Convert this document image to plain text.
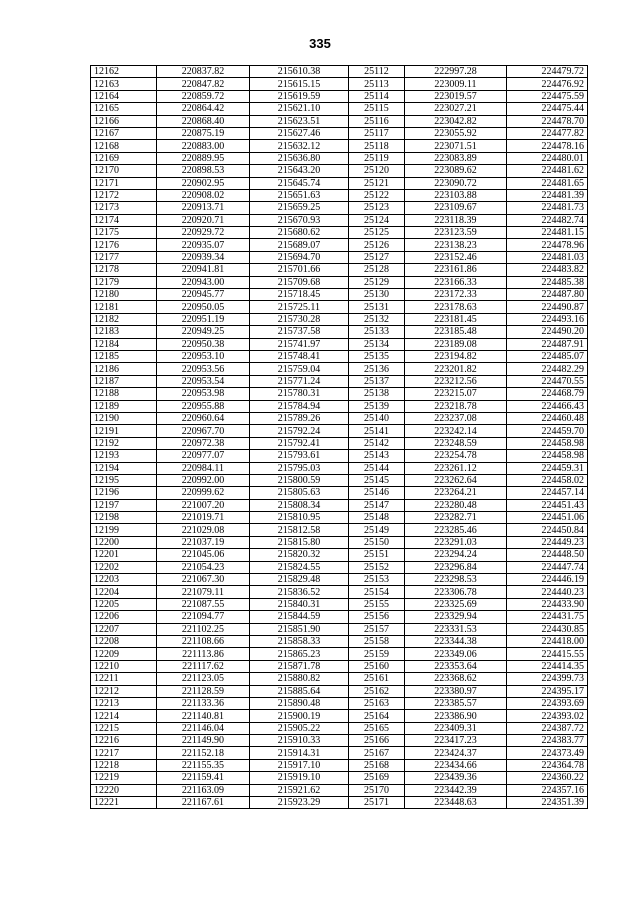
335
12162	220837.82	215610.38	25112	222997.28	224479.72
12163	220847.82	215615.15	25113	223009.11	224476.92
12164	220859.72	215619.59	25114	223019.57	224475.59
12165	220864.42	215621.10	25115	223027.21	224475.44
12166	220868.40	215623.51	25116	223042.82	224478.70
12167	220875.19	215627.46	25117	223055.92	224477.82
12168	220883.00	215632.12	25118	223071.51	224478.16
12169	220889.95	215636.80	25119	223083.89	224480.01
12170	220898.53	215643.20	25120	223089.62	224481.62
12171	220902.95	215645.74	25121	223090.72	224481.65
12172	220908.02	215651.63	25122	223103.88	224481.39
12173	220913.71	215659.25	25123	223109.67	224481.73
12174	220920.71	215670.93	25124	223118.39	224482.74
12175	220929.72	215680.62	25125	223123.59	224481.15
12176	220935.07	215689.07	25126	223138.23	224478.96
12177	220939.34	215694.70	25127	223152.46	224481.03
12178	220941.81	215701.66	25128	223161.86	224483.82
12179	220943.00	215709.68	25129	223166.33	224485.38
12180	220945.77	215718.45	25130	223172.33	224487.80
12181	220950.05	215725.11	25131	223178.63	224490.87
12182	220951.19	215730.28	25132	223181.45	224493.16
12183	220949.25	215737.58	25133	223185.48	224490.20
12184	220950.38	215741.97	25134	223189.08	224487.91
12185	220953.10	215748.41	25135	223194.82	224485.07
12186	220953.56	215759.04	25136	223201.82	224482.29
12187	220953.54	215771.24	25137	223212.56	224470.55
12188	220953.98	215780.31	25138	223215.07	224468.79
12189	220955.88	215784.94	25139	223218.78	224466.43
12190	220960.64	215789.26	25140	223237.08	224460.48
12191	220967.70	215792.24	25141	223242.14	224459.70
12192	220972.38	215792.41	25142	223248.59	224458.98
12193	220977.07	215793.61	25143	223254.78	224458.98
12194	220984.11	215795.03	25144	223261.12	224459.31
12195	220992.00	215800.59	25145	223262.64	224458.02
12196	220999.62	215805.63	25146	223264.21	224457.14
12197	221007.20	215808.34	25147	223280.48	224451.43
12198	221019.71	215810.95	25148	223282.71	224451.06
12199	221029.08	215812.58	25149	223285.46	224450.84
12200	221037.19	215815.80	25150	223291.03	224449.23
12201	221045.06	215820.32	25151	223294.24	224448.50
12202	221054.23	215824.55	25152	223296.84	224447.74
12203	221067.30	215829.48	25153	223298.53	224446.19
12204	221079.11	215836.52	25154	223306.78	224440.23
12205	221087.55	215840.31	25155	223325.69	224433.90
12206	221094.77	215844.59	25156	223329.94	224431.75
12207	221102.25	215851.90	25157	223331.53	224430.85
12208	221108.66	215858.33	25158	223344.38	224418.00
12209	221113.86	215865.23	25159	223349.06	224415.55
12210	221117.62	215871.78	25160	223353.64	224414.35
12211	221123.05	215880.82	25161	223368.62	224399.73
12212	221128.59	215885.64	25162	223380.97	224395.17
12213	221133.36	215890.48	25163	223385.57	224393.69
12214	221140.81	215900.19	25164	223386.90	224393.02
12215	221146.04	215905.22	25165	223409.31	224387.72
12216	221149.90	215910.33	25166	223417.23	224383.77
12217	221152.18	215914.31	25167	223424.37	224373.49
12218	221155.35	215917.10	25168	223434.66	224364.78
12219	221159.41	215919.10	25169	223439.36	224360.22
12220	221163.09	215921.62	25170	223442.39	224357.16
12221	221167.61	215923.29	25171	223448.63	224351.39
